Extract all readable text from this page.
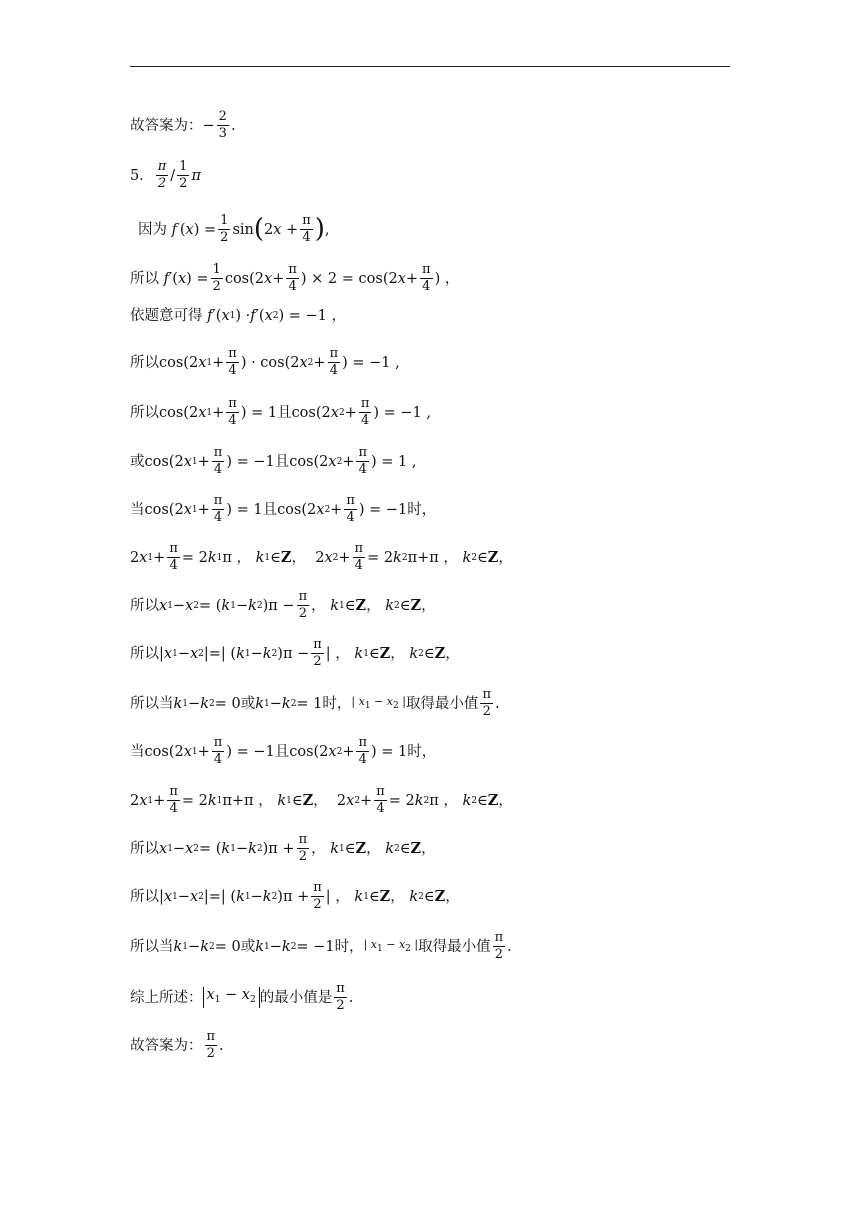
故答案为： − $\frac{2}{3}$ .
5． $\frac{\pi}{2} / \frac{1}{2}$ π
因为
f  ( x ) = $\frac{1}{2}$ sin ( 2 $x + \frac{\pi}{4}$ ) ,
所以
f ′( x ) = $\frac{1}{2} \cos(2$ $x + \frac{\pi}{4}$ ) × 2 = cos(2 $x + \frac{\pi}{4}$ ) ，
依题意可得
f ′( x 1 ) · f ′( x 2 ) = −1 ，
所以 cos(2 x $1 + \frac{\pi}{4}$ ) · cos(2 x $2 + \frac{\pi}{4}$ ) = −1 ,
所以 cos(2 x $1 + \frac{\pi}{4}$ ) = 1 且 cos(2 x $2 + \frac{\pi}{4}$ ) = −1 ,
或 cos(2 x $1 + \frac{\pi}{4}$ ) = −1 且 cos(2 x $2 + \frac{\pi}{4}$ ) = 1 ,
当 cos(2 x $1 + \frac{\pi}{4}$ ) = 1 且 cos(2 x $2 + \frac{\pi}{4}$ ) = −1 时，
2 x $1 + \frac{\pi}{4} = 2$ k 1 π ， k 1 ∈ Z ，  2 x $2 + \frac{\pi}{4} = 2$ k 2 π+π ， k 2 ∈ Z ，
所以 x 1 − x 2 = ( k 1 − k 2 )$\pi - \frac{\pi}{2}$ ， k 1 ∈ Z ， k 2 ∈ Z ，
所以 | x 1 − x 2 |=| ( k 1 − k 2 )$\pi - \frac{\pi}{2}$ | ， k 1 ∈ Z ， k 2 ∈ Z ，
所以当 k 1 − k 2 = 0 或 k 1 − k 2 = 1 时， | $x_1 - x_2$ | 取得最小值 $\frac{\pi}{2}$ .
当 cos(2 x $1 + \frac{\pi}{4}$ ) = −1 且 cos(2 x $2 + \frac{\pi}{4}$ ) = 1 时，
2 x $1 + \frac{\pi}{4} = 2$ k 1 π+π ， k 1 ∈ Z ，  2 x $2 + \frac{\pi}{4} = 2$ k 2 π ， k 2 ∈ Z ，
所以 x 1 − x 2 = ( k 1 − k 2 )$\pi + \frac{\pi}{2}$ ， k 1 ∈ Z ， k 2 ∈ Z ，
所以 | x 1 − x 2 |=| ( k 1 − k 2 )$\pi + \frac{\pi}{2}$ | ， k 1 ∈ Z ， k 2 ∈ Z ，
所以当 k 1 − k 2 = 0 或 k 1 − k 2 = −1 时， | $x_1 - x_2$ | 取得最小值 $\frac{\pi}{2}$ .
综上所述： $x_1 - x_2$ 的最小值是 $\frac{\pi}{2}$ .
故答案为： $\frac{\pi}{2}$ .
